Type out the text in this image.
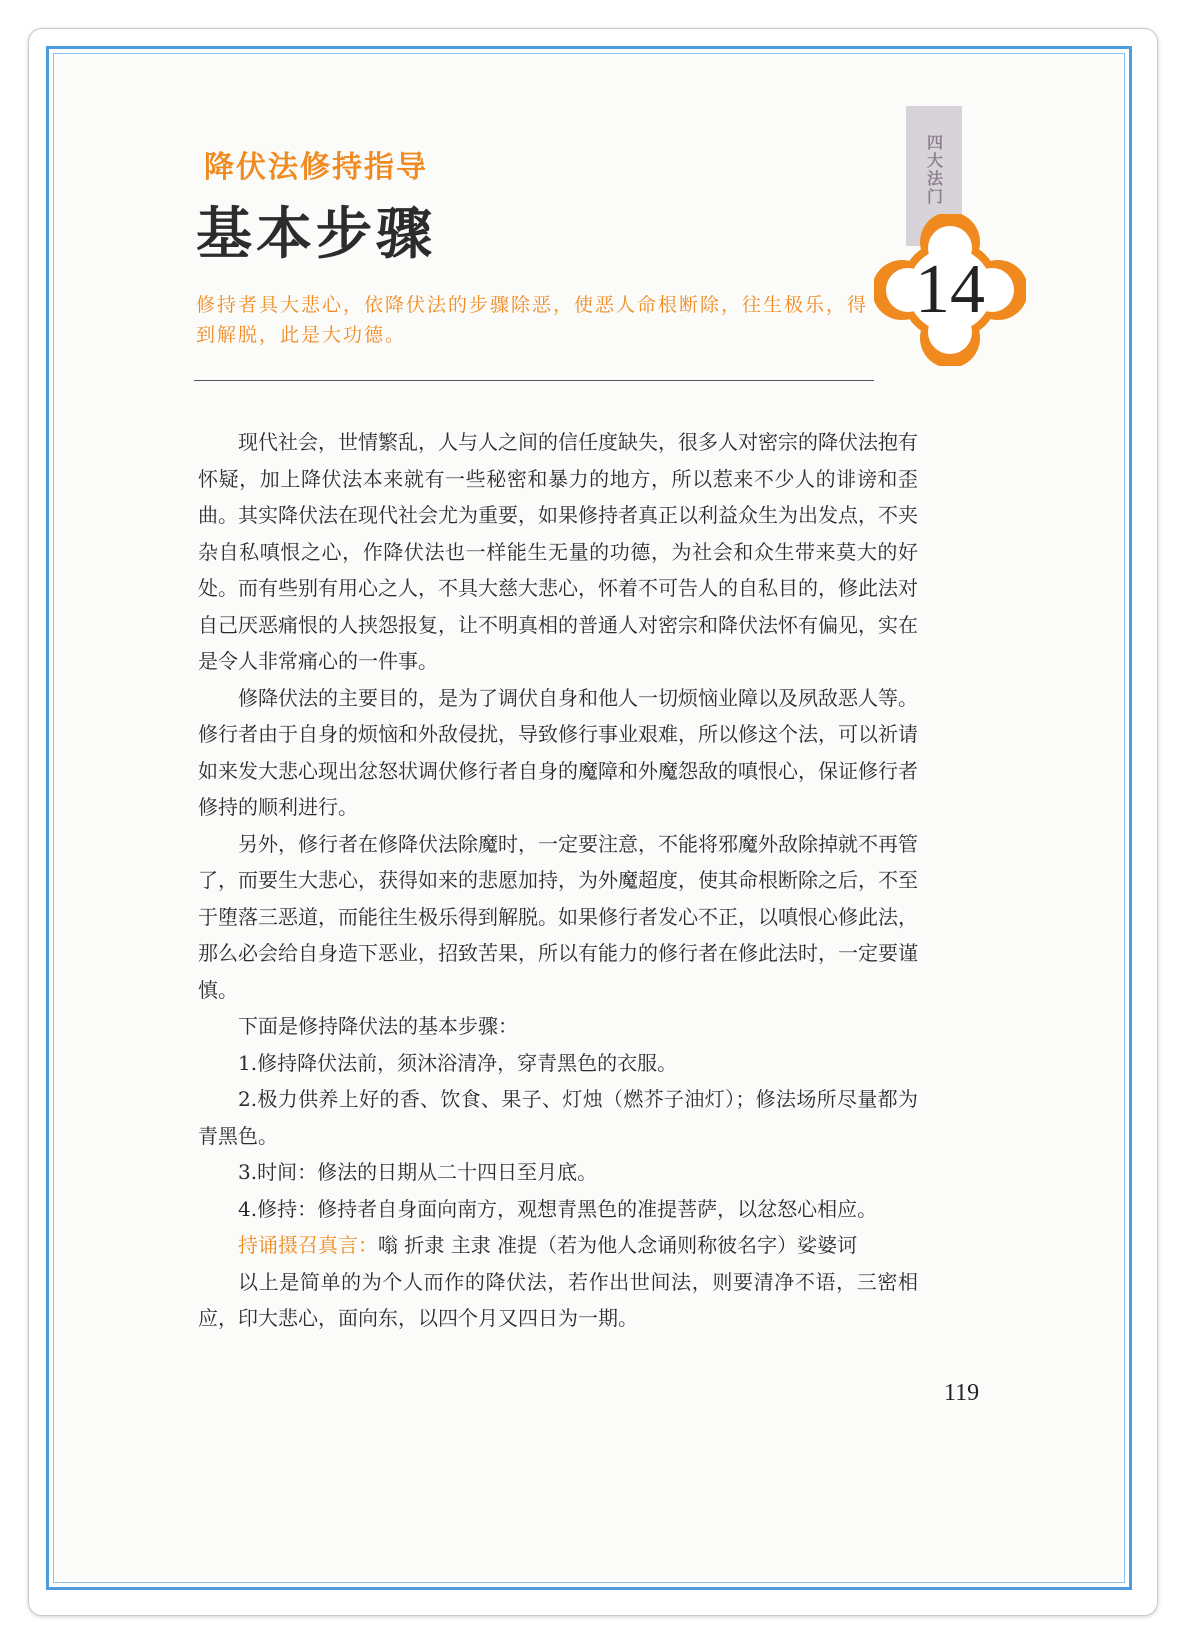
降伏法修持指导
基本步骤
四大法门
14
修持者具大悲心，依降伏法的步骤除恶，使恶人命根断除，往生极乐，得到解脱，此是大功德。

现代社会，世情繁乱，人与人之间的信任度缺失，很多人对密宗的降伏法抱有怀疑，加上降伏法本来就有一些秘密和暴力的地方，所以惹来不少人的诽谤和歪曲。其实降伏法在现代社会尤为重要，如果修持者真正以利益众生为出发点，不夹杂自私嗔恨之心，作降伏法也一样能生无量的功德，为社会和众生带来莫大的好处。而有些别有用心之人，不具大慈大悲心，怀着不可告人的自私目的，修此法对自己厌恶痛恨的人挟怨报复，让不明真相的普通人对密宗和降伏法怀有偏见，实在是令人非常痛心的一件事。

修降伏法的主要目的，是为了调伏自身和他人一切烦恼业障以及夙敌恶人等。修行者由于自身的烦恼和外敌侵扰，导致修行事业艰难，所以修这个法，可以祈请如来发大悲心现出忿怒状调伏修行者自身的魔障和外魔怨敌的嗔恨心，保证修行者修持的顺利进行。

另外，修行者在修降伏法除魔时，一定要注意，不能将邪魔外敌除掉就不再管了，而要生大悲心，获得如来的悲愿加持，为外魔超度，使其命根断除之后，不至于堕落三恶道，而能往生极乐得到解脱。如果修行者发心不正，以嗔恨心修此法，那么必会给自身造下恶业，招致苦果，所以有能力的修行者在修此法时，一定要谨慎。

下面是修持降伏法的基本步骤：

1.修持降伏法前，须沐浴清净，穿青黑色的衣服。

2.极力供养上好的香、饮食、果子、灯烛（燃芥子油灯）；修法场所尽量都为青黑色。

3.时间：修法的日期从二十四日至月底。

4.修持：修持者自身面向南方，观想青黑色的准提菩萨，以忿怒心相应。

持诵摄召真言：嗡 折隶 主隶 准提（若为他人念诵则称彼名字）娑婆诃

以上是简单的为个人而作的降伏法，若作出世间法，则要清净不语，三密相应，印大悲心，面向东，以四个月又四日为一期。

119
